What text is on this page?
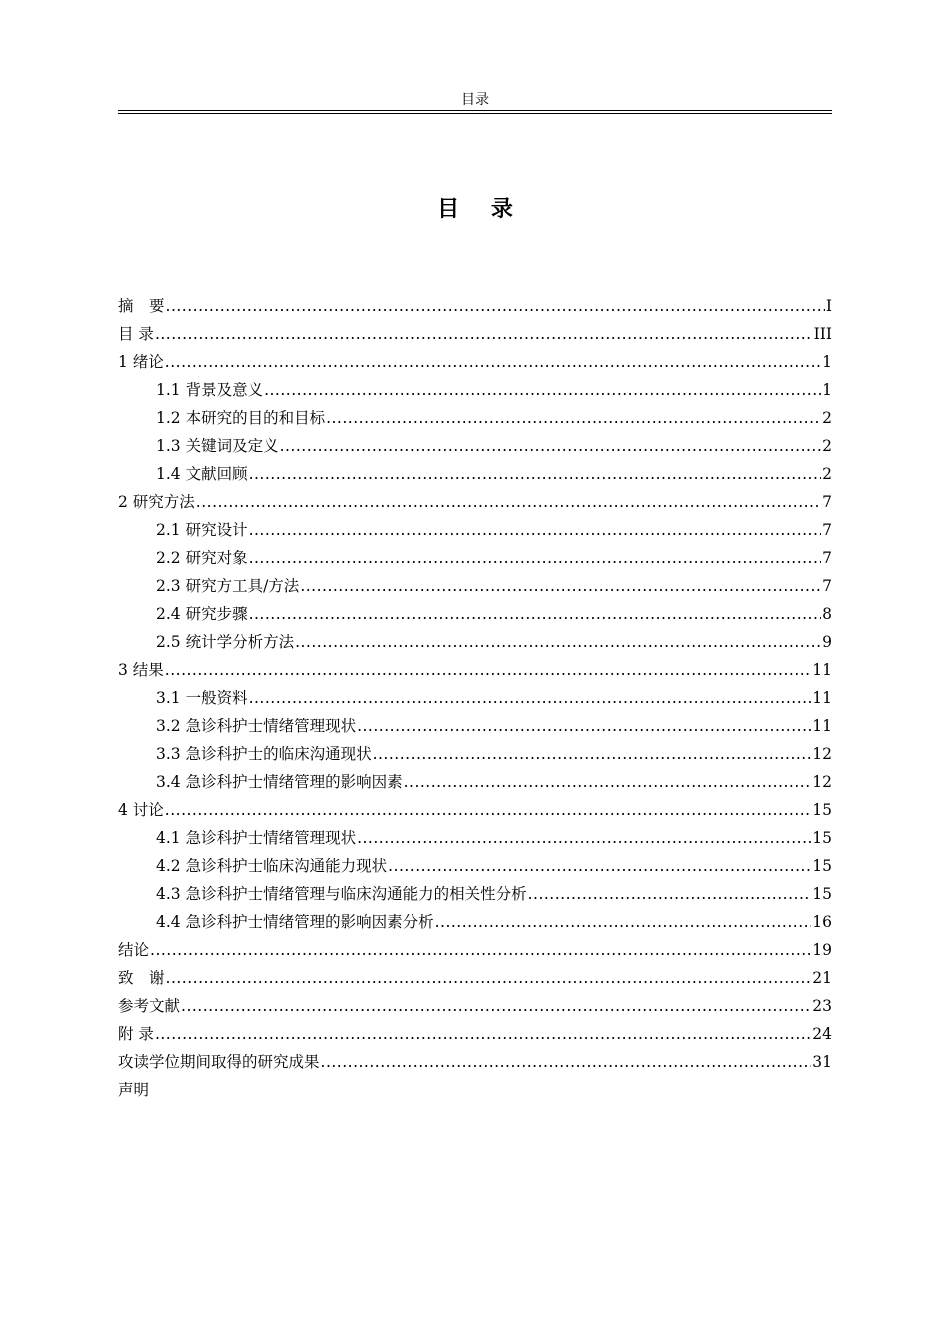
目录
目 录
摘　要 .....	I
目 录 .....	III
1 绪论 .....	1
1.1 背景及意义 .....	1
1.2 本研究的目的和目标 .....	2
1.3 关键词及定义 .....	2
1.4 文献回顾 .....	2
2 研究方法 .....	7
2.1 研究设计 .....	7
2.2 研究对象 .....	7
2.3 研究方工具/方法 .....	7
2.4 研究步骤 .....	8
2.5 统计学分析方法 .....	9
3 结果 .....	11
3.1 一般资料 .....	11
3.2 急诊科护士情绪管理现状 .....	11
3.3 急诊科护士的临床沟通现状 .....	12
3.4 急诊科护士情绪管理的影响因素 .....	12
4 讨论 .....	15
4.1 急诊科护士情绪管理现状 .....	15
4.2 急诊科护士临床沟通能力现状 .....	15
4.3 急诊科护士情绪管理与临床沟通能力的相关性分析 .....	15
4.4 急诊科护士情绪管理的影响因素分析 .....	16
结论 .....	19
致　谢 .....	21
参考文献 .....	23
附 录 .....	24
攻读学位期间取得的研究成果 .....	31
声明
